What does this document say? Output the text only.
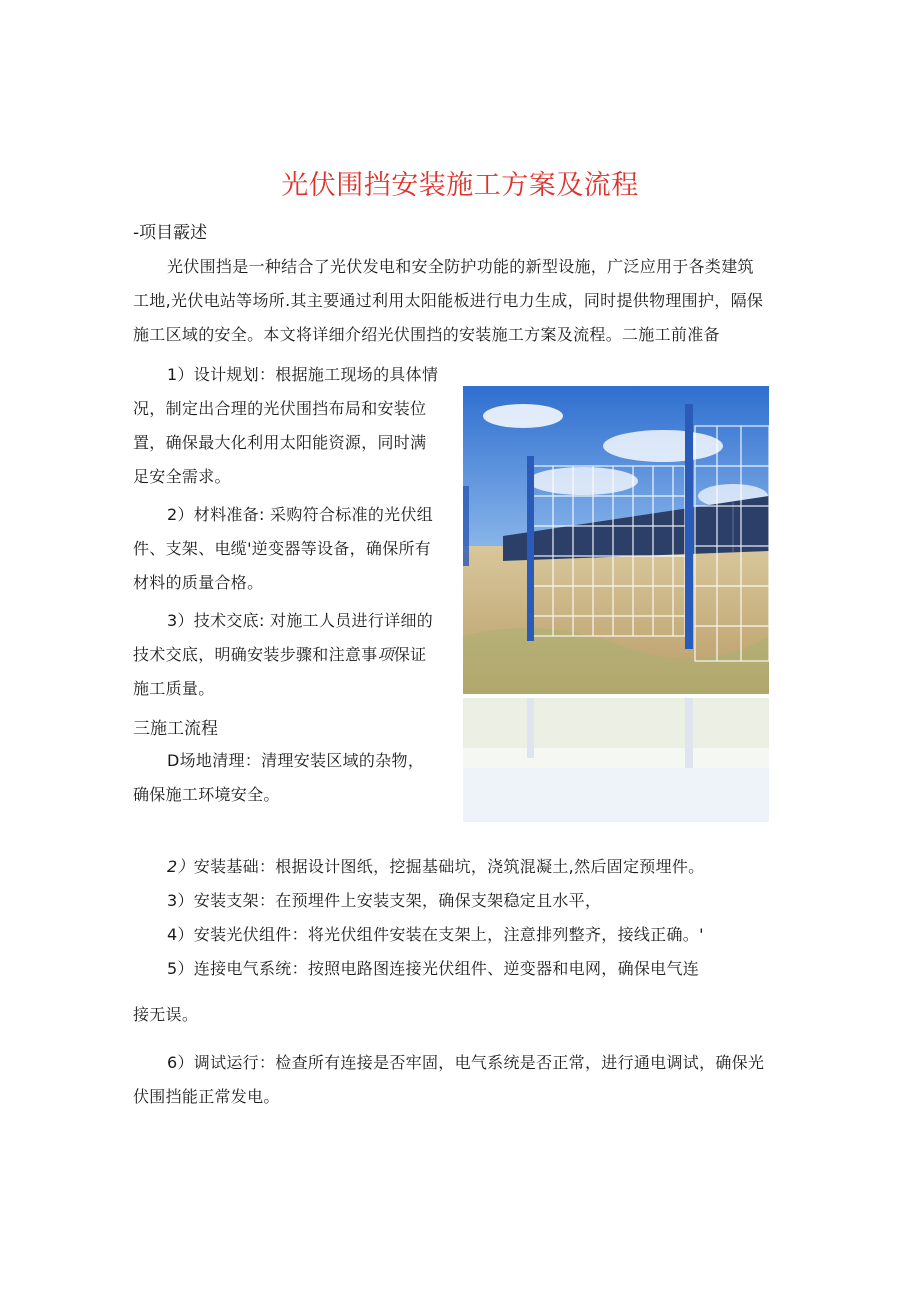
光伏围挡安装施工方案及流程
-项目霰述
光伏围挡是一种结合了光伏发电和安全防护功能的新型设施，广泛应用于各类建筑
工地,光伏电站等场所.其主要通过利用太阳能板进行电力生成，同时提供物理围护，隔保
施工区域的安全。本文将详细介绍光伏围挡的安装施工方案及流程。二施工前准备
1）设计规划：根据施工现场的具体情
况，制定出合理的光伏围挡布局和安装位
置，确保最大化利用太阳能资源，同时满
足安全需求。
2）材料准备: 采购符合标准的光伏组
件、支架、电缆'逆变器等设备，确保所有
材料的质量合格。
3）技术交底: 对施工人员进行详细的
技术交底，明确安装步骤和注意事项保证
施工质量。
三施工流程
D场地清理：清理安装区域的杂物，
确保施工环境安全。
2）安装基础：根据设计图纸，挖掘基础坑，浇筑混凝土,然后固定预埋件。
3）安装支架：在预埋件上安装支架，确保支架稳定且水平，
4）安装光伏组件：将光伏组件安装在支架上，注意排列整齐，接线正确。'
5）连接电气系统：按照电路图连接光伏组件、逆变器和电网，确保电气连
接无误。
6）调试运行：检查所有连接是否牢固，电气系统是否正常，进行通电调试，确保光
伏围挡能正常发电。
